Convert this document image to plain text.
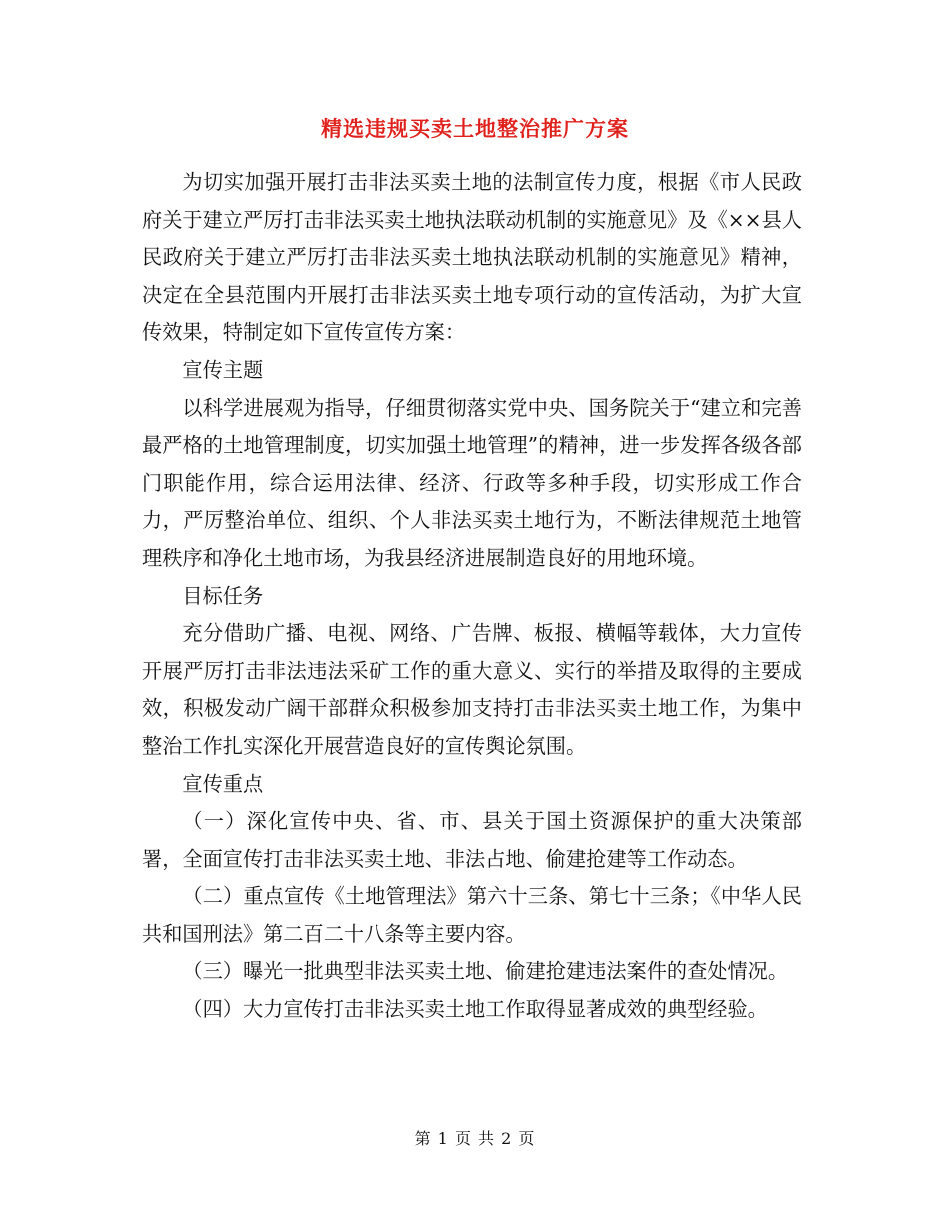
精选违规买卖土地整治推广方案

为切实加强开展打击非法买卖土地的法制宣传力度，根据《市人民政府关于建立严厉打击非法买卖土地执法联动机制的实施意见》及《××县人民政府关于建立严厉打击非法买卖土地执法联动机制的实施意见》精神，决定在全县范围内开展打击非法买卖土地专项行动的宣传活动，为扩大宣传效果，特制定如下宣传宣传方案：

宣传主题

以科学进展观为指导，仔细贯彻落实党中央、国务院关于“建立和完善最严格的土地管理制度，切实加强土地管理”的精神，进一步发挥各级各部门职能作用，综合运用法律、经济、行政等多种手段，切实形成工作合力，严厉整治单位、组织、个人非法买卖土地行为，不断法律规范土地管理秩序和净化土地市场，为我县经济进展制造良好的用地环境。

目标任务

充分借助广播、电视、网络、广告牌、板报、横幅等载体，大力宣传开展严厉打击非法违法采矿工作的重大意义、实行的举措及取得的主要成效，积极发动广阔干部群众积极参加支持打击非法买卖土地工作，为集中整治工作扎实深化开展营造良好的宣传舆论氛围。

宣传重点

（一）深化宣传中央、省、市、县关于国土资源保护的重大决策部署，全面宣传打击非法买卖土地、非法占地、偷建抢建等工作动态。

（二）重点宣传《土地管理法》第六十三条、第七十三条；《中华人民共和国刑法》第二百二十八条等主要内容。

（三）曝光一批典型非法买卖土地、偷建抢建违法案件的查处情况。

（四）大力宣传打击非法买卖土地工作取得显著成效的典型经验。

第 1 页 共 2 页
